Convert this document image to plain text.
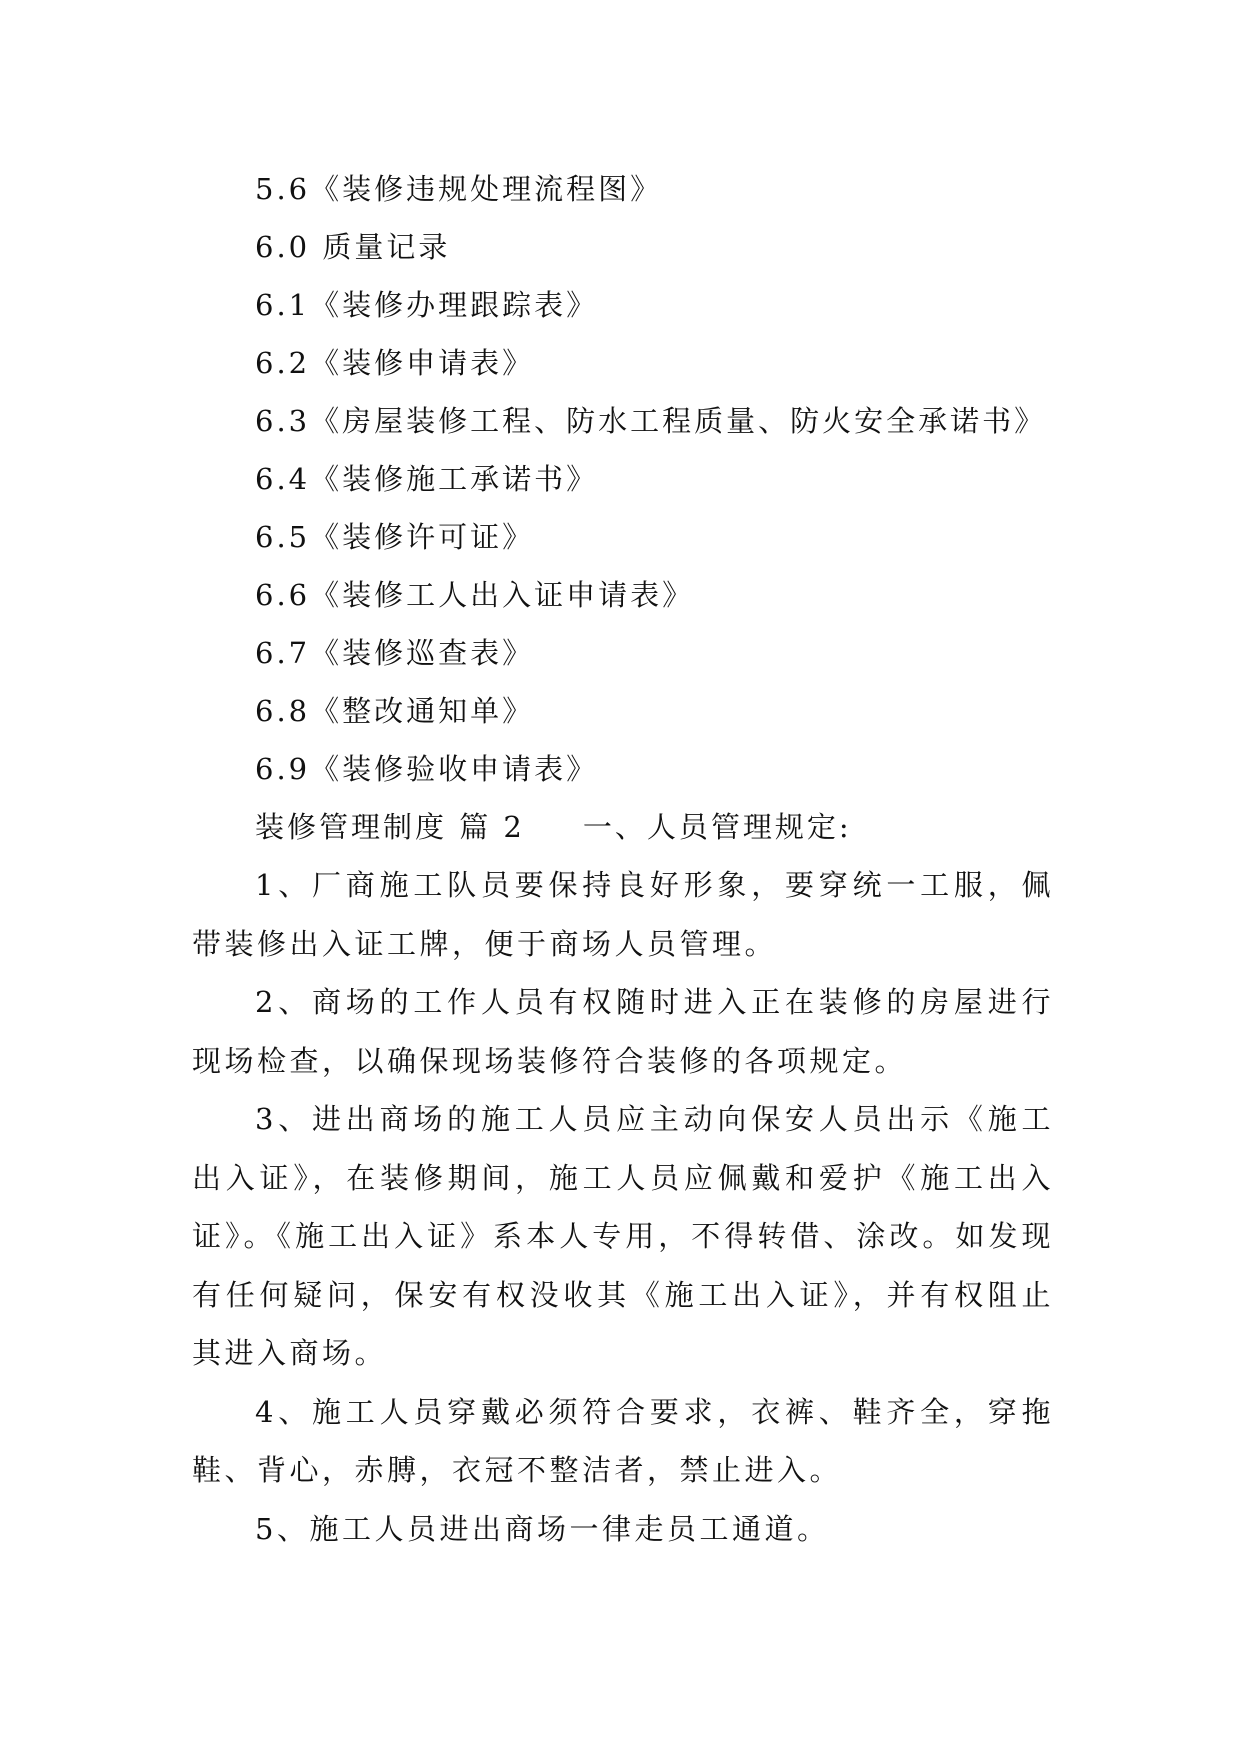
5.6《装修违规处理流程图》

6.0 质量记录

6.1《装修办理跟踪表》

6.2《装修申请表》

6.3《房屋装修工程、防水工程质量、防火安全承诺书》

6.4《装修施工承诺书》

6.5《装修许可证》

6.6《装修工人出入证申请表》

6.7《装修巡查表》

6.8《整改通知单》

6.9《装修验收申请表》

装修管理制度 篇 2 一、人员管理规定:

1、厂商施工队员要保持良好形象，要穿统一工服，佩带装修出入证工牌，便于商场人员管理。

2、商场的工作人员有权随时进入正在装修的房屋进行现场检查，以确保现场装修符合装修的各项规定。

3、进出商场的施工人员应主动向保安人员出示《施工出入证》，在装修期间，施工人员应佩戴和爱护《施工出入证》。《施工出入证》系本人专用，不得转借、涂改。如发现有任何疑问，保安有权没收其《施工出入证》，并有权阻止其进入商场。

4、施工人员穿戴必须符合要求，衣裤、鞋齐全，穿拖鞋、背心，赤膊，衣冠不整洁者，禁止进入。

5、施工人员进出商场一律走员工通道。
